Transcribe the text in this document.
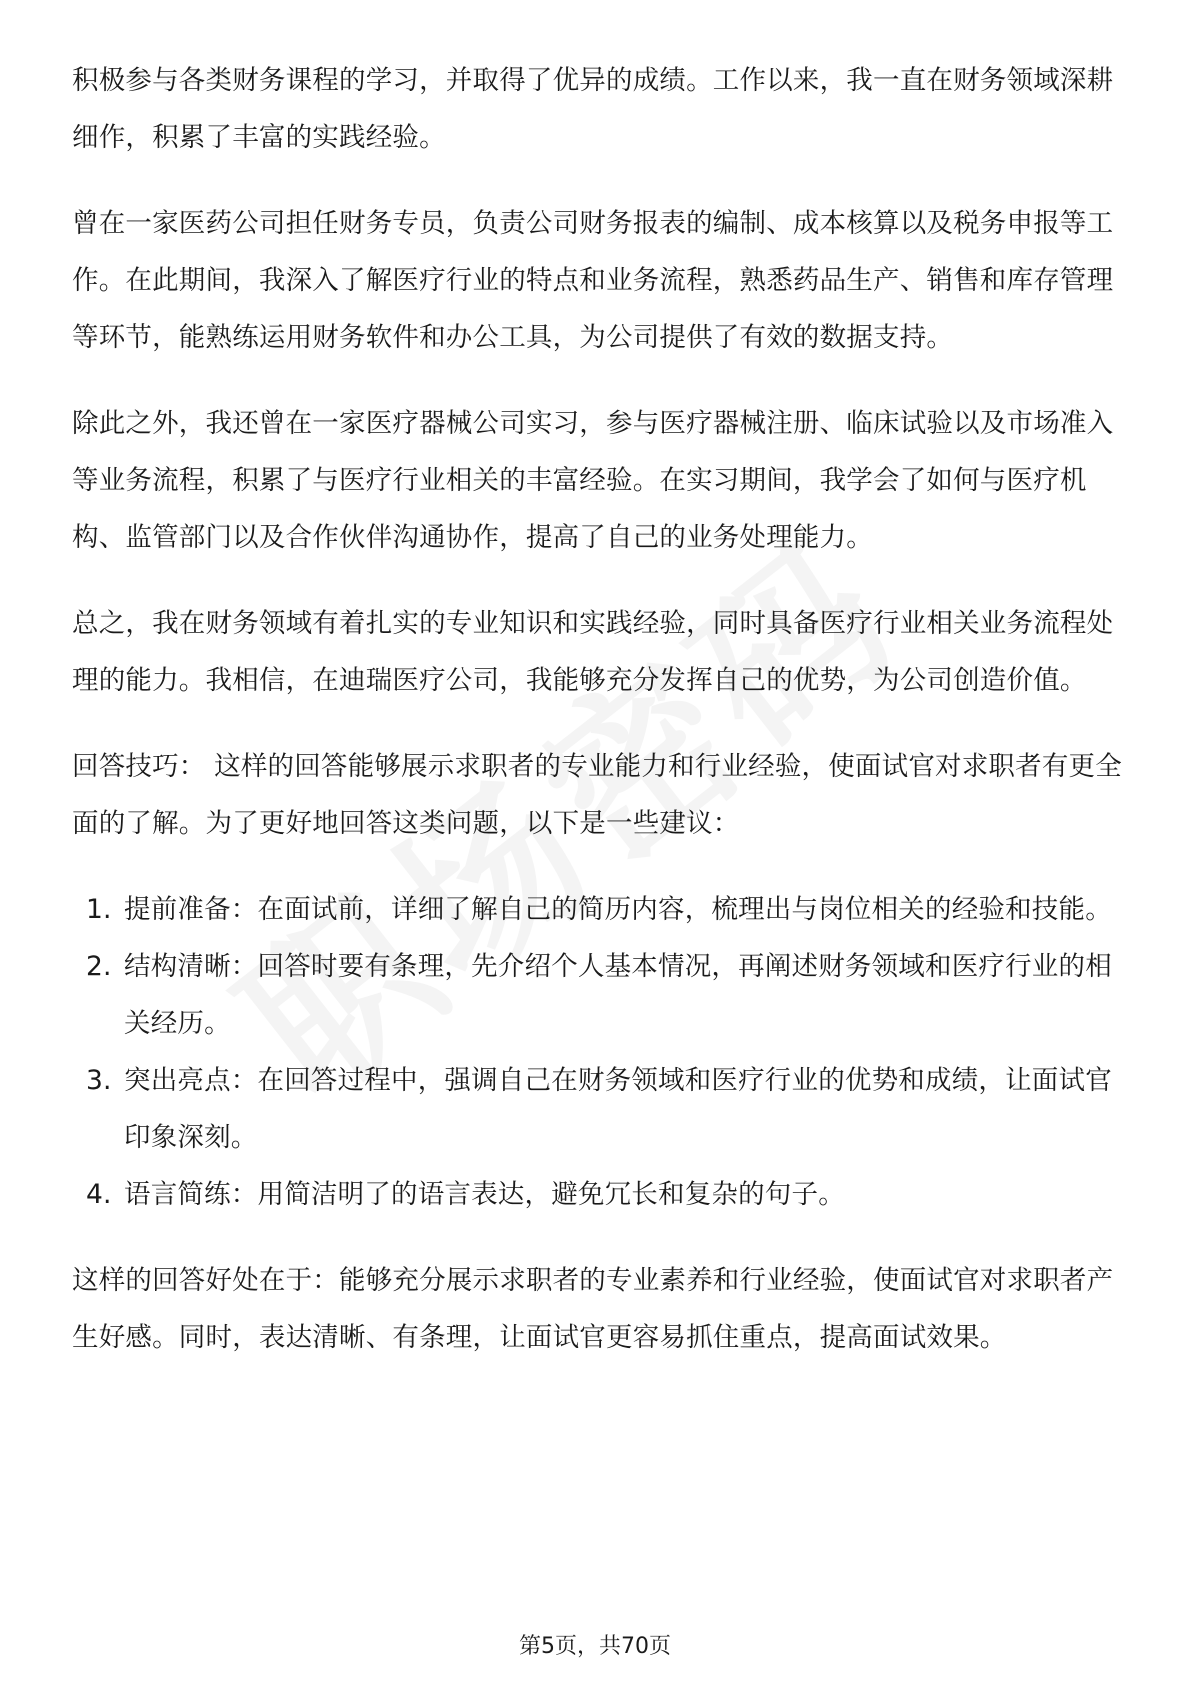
积极参与各类财务课程的学习，并取得了优异的成绩。工作以来，我一直在财务领域深耕细作，积累了丰富的实践经验。

曾在一家医药公司担任财务专员，负责公司财务报表的编制、成本核算以及税务申报等工作。在此期间，我深入了解医疗行业的特点和业务流程，熟悉药品生产、销售和库存管理等环节，能熟练运用财务软件和办公工具，为公司提供了有效的数据支持。

除此之外，我还曾在一家医疗器械公司实习，参与医疗器械注册、临床试验以及市场准入等业务流程，积累了与医疗行业相关的丰富经验。在实习期间，我学会了如何与医疗机构、监管部门以及合作伙伴沟通协作，提高了自己的业务处理能力。

总之，我在财务领域有着扎实的专业知识和实践经验，同时具备医疗行业相关业务流程处理的能力。我相信，在迪瑞医疗公司，我能够充分发挥自己的优势，为公司创造价值。

回答技巧： 这样的回答能够展示求职者的专业能力和行业经验，使面试官对求职者有更全面的了解。为了更好地回答这类问题，以下是一些建议：

1. 提前准备：在面试前，详细了解自己的简历内容，梳理出与岗位相关的经验和技能。
2. 结构清晰：回答时要有条理，先介绍个人基本情况，再阐述财务领域和医疗行业的相关经历。
3. 突出亮点：在回答过程中，强调自己在财务领域和医疗行业的优势和成绩，让面试官印象深刻。
4. 语言简练：用简洁明了的语言表达，避免冗长和复杂的句子。

这样的回答好处在于：能够充分展示求职者的专业素养和行业经验，使面试官对求职者产生好感。同时，表达清晰、有条理，让面试官更容易抓住重点，提高面试效果。

第5页，共70页
